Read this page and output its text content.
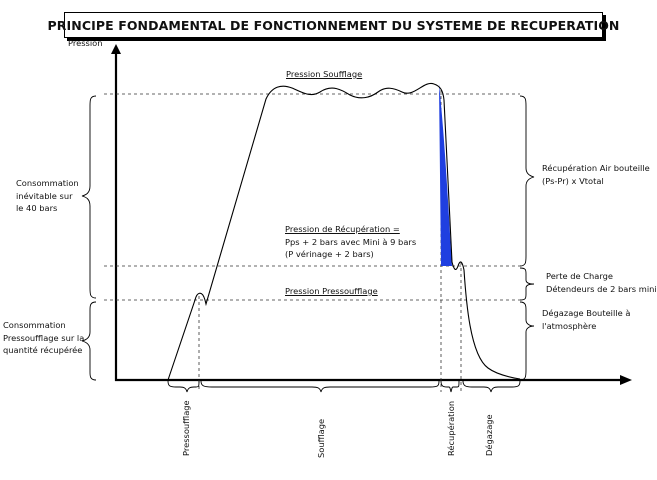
PRINCIPE FONDAMENTAL DE FONCTIONNEMENT DU SYSTEME DE RECUPERATION
Pression
Pression Soufflage
Pression de Récupération =
Pps + 2 bars avec Mini à 9 bars
(P vérinage + 2 bars)
Pression Pressoufflage
Consommation
inévitable sur
le 40 bars
Consommation
Pressoufflage sur la
quantité récupérée
Récupération Air bouteille
(Ps-Pr) x Vtotal
Perte de Charge
Détendeurs de 2 bars mini
Dégazage Bouteille à
l'atmosphère
Pressoufflage	Soufflage	Récupération	Dégazage
